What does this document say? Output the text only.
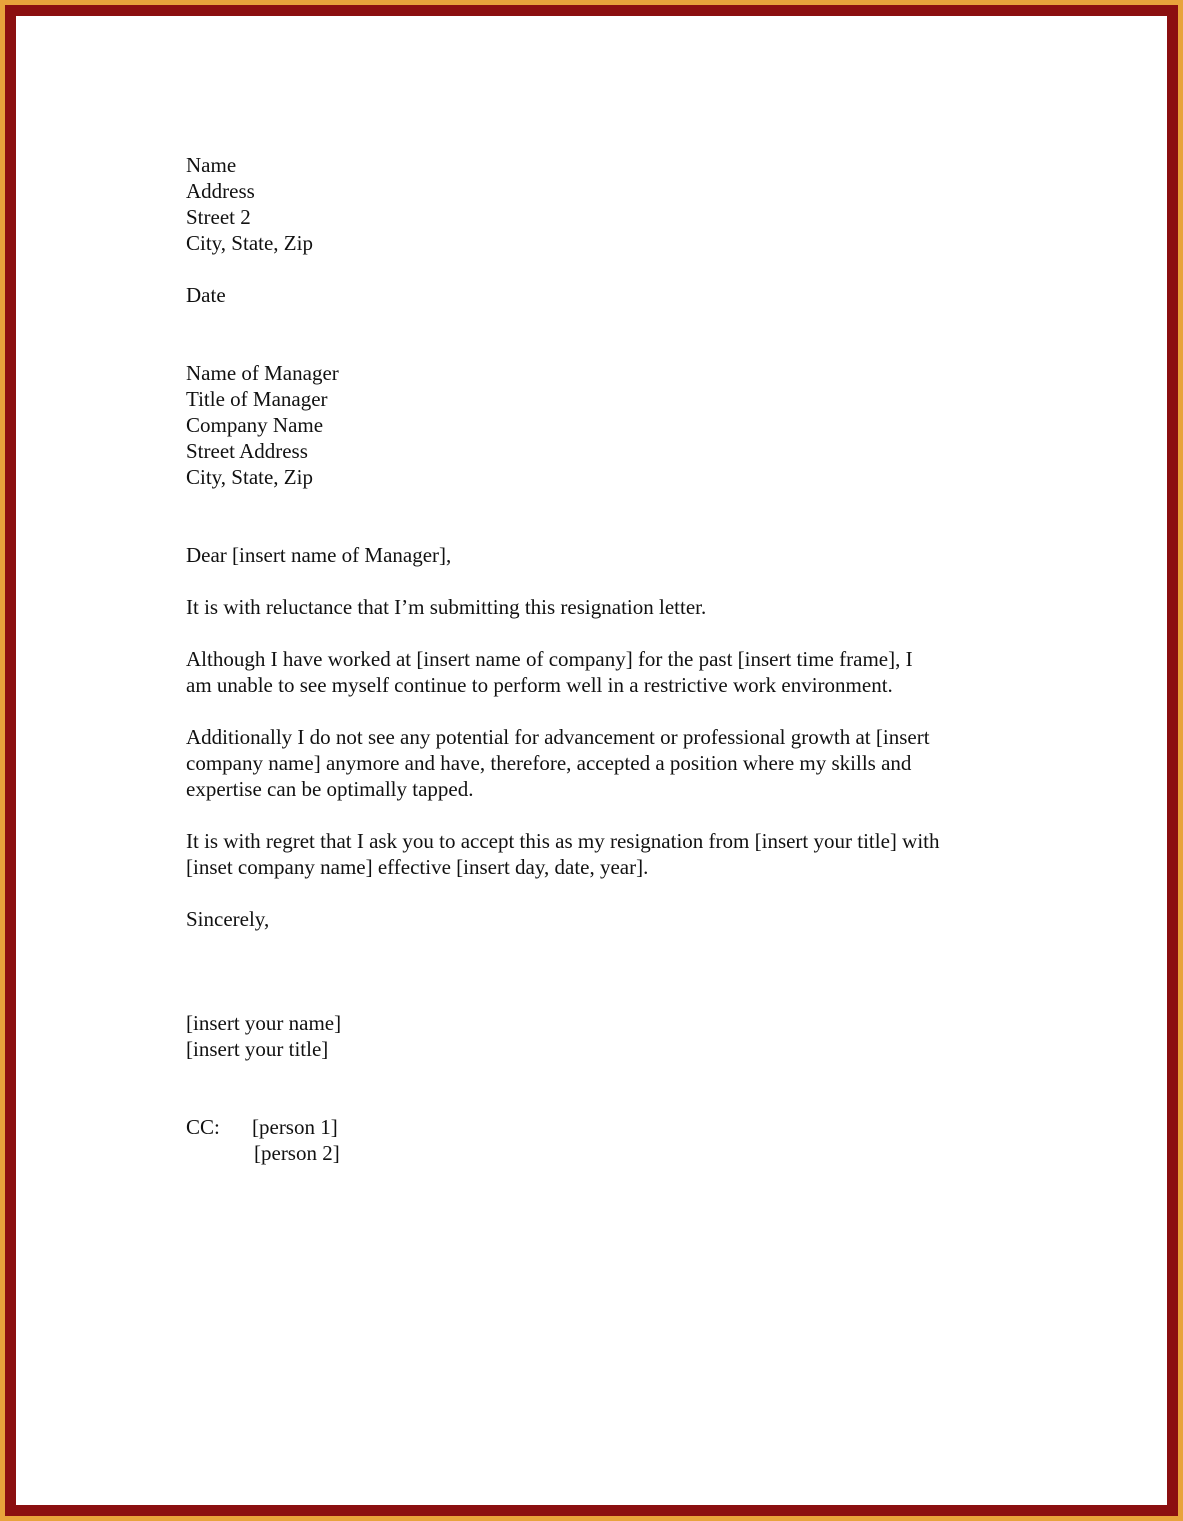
Name
Address
Street 2
City, State, Zip
Date
Name of Manager
Title of Manager
Company Name
Street Address
City, State, Zip
Dear [insert name of Manager],
It is with reluctance that I’m submitting this resignation letter.
Although I have worked at [insert name of company] for the past [insert time frame], I
am unable to see myself continue to perform well in a restrictive work environment.
Additionally I do not see any potential for advancement or professional growth at [insert
company name] anymore and have, therefore, accepted a position where my skills and
expertise can be optimally tapped.
It is with regret that I ask you to accept this as my resignation from [insert your title] with
[inset company name] effective [insert day, date, year].
Sincerely,
[insert your name]
[insert your title]
CC:	[person 1]
[person 2]
